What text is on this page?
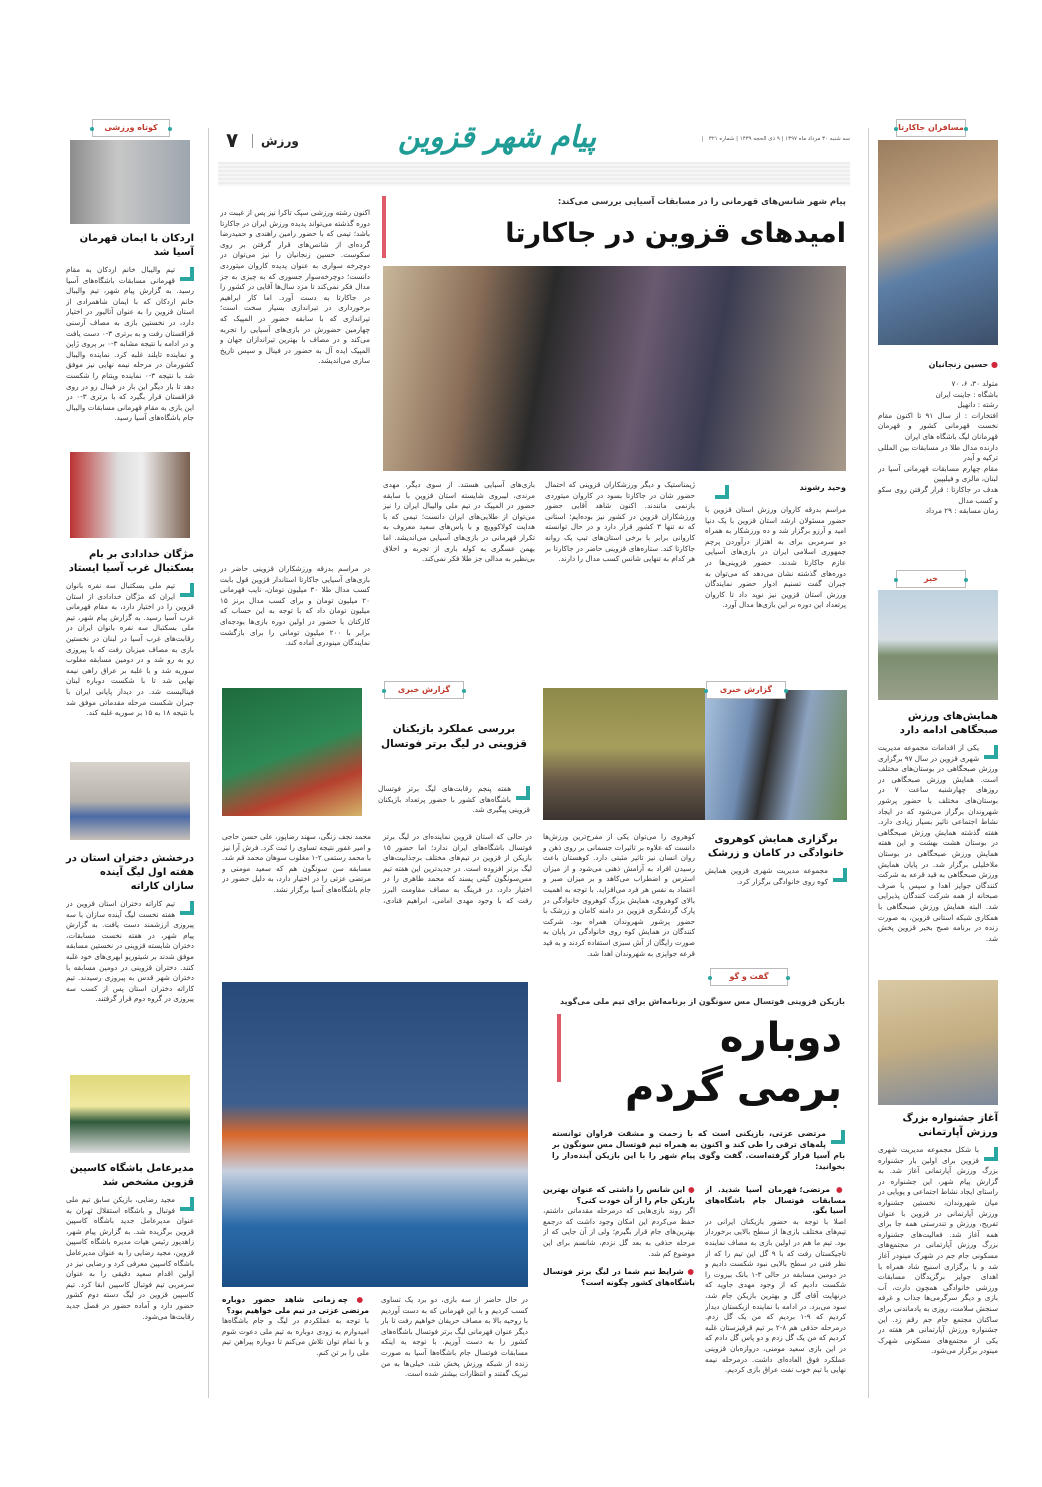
سه شنبه ۳۰ مرداد ماه ۱۳۹۷ | ۹ ذی الحجه ۱۴۳۹ | شماره ۳۲۱
پیام شهر قزوین
ورزش
۷
مسافران جاکارتا
● حسین زنجانیان
متولد ۳۰، ۶، ۷۰
باشگاه : جاینت ایران
رشته : دانهیل
افتخارات : از سال ۹۱ تا اکنون مقام نخست قهرمانی کشور و قهرمان قهرمانان لیگ باشگاه های ایران
دارنده مدال طلا در مسابقات بین المللی ترکیه و آیدر
مقام چهارم مسابقات قهرمانی آسیا در لبنان، مالزی و فیلیپین
هدف در جاکارتا : قرار گرفتن روی سکو و کسب مدال
زمان مسابقه : ۲۹ مرداد
خبر
همایش‌های ورزش صبحگاهی ادامه دارد
یکی از اقدامات مجموعه مدیریت شهری قزوین در سال ۹۷ برگزاری ورزش صبحگاهی در بوستان‌های مختلف است. همایش ورزش صبحگاهی در روزهای چهارشنبه ساعت ۷ در بوستان‌های مختلف با حضور پرشور شهروندان برگزار می‌شود که در ایجاد نشاط اجتماعی تاثیر بسیار زیادی دارد. هفته گذشته همایش ورزش صبحگاهی در بوستان هشت بهشت و این هفته همایش ورزش صبحگاهی در بوستان ملاخلیلی برگزار شد. در پایان همایش ورزش صبحگاهی به قید قرعه به شرکت کنندگان جوایز اهدا و سپس با صرف صبحانه از همه شرکت کنندگان پذیرایی شد. البته همایش ورزش صبحگاهی با همکاری شبکه استانی قزوین، به صورت زنده در برنامه صبح بخیر قزوین پخش شد.
آغاز جشنواره بزرگ ورزش آپارتمانی
با شکل مجموعه مدیریت شهری قزوین برای اولین بار جشنواره بزرگ ورزش آپارتمانی آغاز شد. به گزارش پیام شهر، این جشنواره در راستای ایجاد نشاط اجتماعی و پویایی در میان شهروندان، نخستین جشنواره ورزش آپارتمانی در قزوین با عنوان تفریح، ورزش و تندرستی همه جا برای همه آغاز شد. فعالیت‌های جشنواره بزرگ ورزش آپارتمانی در مجتمع‌های مسکونی جام جم در شهرک مینودر آغاز شد و با برگزاری اسنیج شاد همراه با اهدای جوایز برگزیدگان مسابقات ورزشی خانوادگی همچون دارت، آب بازی و دیگر سرگرمی‌ها جذاب و غرفه سنجش سلامت، روزی به یادماندنی برای ساکنان مجتمع جام جم رقم زد. این جشنواره ورزش آپارتمانی هر هفته در یکی از مجتمع‌های مسکونی شهرک مینودر برگزار می‌شود.
کوتاه ورزشی
اردکان با ایمان قهرمان آسیا شد
تیم والیبال خانم اردکان به مقام قهرمانی مسابقات باشگاه‌های آسیا رسید. به گزارش پیام شهر، تیم والیبال خانم اردکان که با ایمان شاهمرادی از استان قزوین را به عنوان آتالیور در اختیار دارد، در نخستین بازی به مصاف آرسنی قزاقستان رفت و به برتری ۳-۰ دست یافت و در ادامه با نتیجه مشابه ۳-۰ بر پروی ژاپن و نماینده تایلند غلبه کرد. نماینده والیبال کشورمان در مرحله نیمه نهایی نیز موفق شد با نتیجه ۳-۰ نماینده ویتنام را شکست دهد تا بار دیگر این بار در فینال رو در روی قزاقستان قرار بگیرد که با برتری ۳-۰ در این بازی به مقام قهرمانی مسابقات والیبال جام باشگاه‌های آسیا رسید.
مژگان خدادادی بر بام بسکتبال غرب آسیا ایستاد
تیم ملی بسکتبال سه نفره بانوان ایران که مژگان خدادادی از استان قزوین را در اختیار دارد، به مقام قهرمانی غرب آسیا رسید. به گزارش پیام شهر، تیم ملی بسکتبال سه نفره بانوان ایران در رقابت‌های غرب آسیا در لبنان در نخستین بازی به مصاف میزبان رفت که با پیروزی رو به رو شد و در دومین مسابقه مغلوب سوریه شد و با غلبه بر عراق راهی نیمه نهایی شد تا با شکست دوباره لبنان فینالیست شد. در دیدار پایانی ایران با جبران شکست مرحله مقدماتی موفق شد با نتیجه ۱۸ به ۱۵ بر سوریه غلبه کند.
درخشش دختران استان در هفته اول لیگ آینده سازان کاراته
تیم کاراته دختران استان قزوین در هفته نخست لیگ آینده سازان با سه پیروزی ارزشمند دست یافت. به گزارش پیام شهر، در هفته نخست مسابقات، دختران شایسته قزوینی در نخستین مسابقه موفق شدند بر شیتوریو ابهری‌های خود غلبه کنند. دختران قزوینی در دومین مسابقه با دختران شهر قدس به پیروزی رسیدند. تیم کاراته دختران استان پس از کسب سه پیروزی در گروه دوم قرار گرفتند.
مدیرعامل باشگاه کاسپین قزوین مشخص شد
مجید رضایی، بازیکن سابق تیم ملی فوتبال و باشگاه استقلال تهران به عنوان مدیرعامل جدید باشگاه کاسپین قزوین برگزیده شد. به گزارش پیام شهر، زاهدپور رئیس هیات مدیره باشگاه کاسپین قزوین، مجید رضایی را به عنوان مدیرعامل باشگاه کاسپین معرفی کرد و رضایی نیز در اولین اقدام سعید دقیقی را به عنوان سرمربی تیم فوتبال کاسپین ابقا کرد. تیم کاسپین قزوین در لیگ دسته دوم کشور حضور دارد و آماده حضور در فصل جدید رقابت‌ها می‌شود.
پیام شهر شانس‌های قهرمانی را در مسابقات آسیایی بررسی می‌کند:
امیدهای قزوین در جاکارتا
اکنون رشته ورزشی سپک تاکرا نیز پس از غیبت در دوره گذشته می‌تواند پدیده ورزش ایران در جاکارتا باشد؛ تیمی که با حضور رامین راهندی و حمیدرضا گرده‌ای از شانس‌های قرار گرفتن بر روی سکوست. حسین زنجانیان را نیز می‌توان در دوچرخه سواری به عنوان پدیده کاروان میتوردی دانست؛ دوچرخه‌سوار جسوری که به چیزی به جز مدال فکر نمی‌کند تا مزد سال‌ها آقایی در کشور را در جاکارتا به دست آورد. اما کار ابراهیم برخورداری در تیراندازی بسیار سخت است؛ تیراندازی که با سابقه حضور در المپیک که چهارمین حضورش در بازی‌های آسیایی را تجربه می‌کند و در مصاف با بهترین تیراندازان جهان و المپیک ایده‌ آل به حضور در فینال و سپس تاریخ سازی می‌اندیشد.
وحید رشوند
مراسم بدرقه کاروان ورزش استان قزوین با حضور مسئولان ارشد استان قزوین با یک دنیا امید و آرزو برگزار شد و ده ورزشکار به همراه دو سرمربی برای به اهتزاز درآوردن پرچم جمهوری اسلامی ایران در بازی‌های آسیایی عازم جاکارتا شدند. حضور قزوینی‌ها در دوره‌های گذشته نشان می‌دهد که می‌توان به جبران گفت تسنیم ادوار حضور نمایندگان ورزش استان قزوین نیز نوید داد تا کاروان پرتعداد این دوره بر این بازی‌ها مدال آورد.
ژیمناستیک و دیگر ورزشکاران قزوینی که احتمال حضور شان در جاکارتا بسود در کاروان میتوردی بازنمی مانندند. اکنون شاهد آقایی حضور ورزشکاران قزوین در کشور نیز بوده‌ایم؛ استانی که نه تنها ۳ کشور قرار دارد و در حال توانسته کاروانی برابر با برخی استان‌های تیپ یک روانه جاکارتا کند. ستاره‌های قزوینی حاضر در جاکارتا بر هر کدام به تنهایی شانس کسب مدال را دارند.
بازی‌های آسیایی هستند. از سوی دیگر، مهدی مرندی، لیبروی شایسته استان قزوین با سابقه حضور در المپیک در تیم ملی والیبال ایران را نیز می‌توان از طلایی‌های ایران دانست؛ تیمی که با هدایت کولاکوویچ و با پاس‌های سعید معروف به تکرار قهرمانی در بازی‌های آسیایی می‌اندیشد. اما بهمن عسگری به کوله باری از تجربه و اخلاق بی‌نظیر به مدالی جز طلا فکر نمی‌کند.
در مراسم بدرقه ورزشکاران قزوینی حاضر در بازی‌های آسیایی جاکارتا استاندار قزوین قول بابت کسب مدال طلا ۳۰ میلیون تومان، نایب قهرمانی ۲۰ میلیون تومان و برای کسب مدال برنز ۱۵ میلیون تومان داد که با توجه به این حساب که کارکنان با حضور در اولین دوره بازی‌ها بودجه‌ای برابر با ۲۰۰ میلیون تومانی را برای بازگشت نمایندگان مینودری آماده کند.
گزارش خبری
بررسی عملکرد بازیکنان قزوینی در لیگ برتر فوتسال
هفته پنجم رقابت‌های لیگ برتر فوتسال باشگاه‌های کشور با حضور پرتعداد بازیکنان قزوینی پیگیری شد.
در حالی که استان قزوین نماینده‌ای در لیگ برتر فوتسال باشگاه‌های ایران ندارد؛ اما حضور ۱۵ بازیکن از قزوین در تیم‌های مختلف برجذابیت‌های لیگ برتر افزوده است. در جدیدترین این هفته تیم مس‌سونگون گیتی پسند که محمد طاهری را در اختیار دارد، در فرینگ به مصاف مقاومت البرز رفت که با وجود مهدی امامی، ابراهیم قنادی، محمد نجف زنگی، سهند رضاپور، علی حسن حاجی و امیر غفور نتیجه تساوی را ثبت کرد. فرش آرا نیز با محمد رستمی ۲-۱ مغلوب سوهان محمد قم شد. مسابقه سن سونگون هم که سعید مومنی و مرتضی عزتی را در اختیار دارد، به دلیل حضور در جام باشگاه‌های آسیا برگزار نشد.
گزارش خبری
برگزاری همایش کوهروی خانوادگی در کامان و زرشک
مجموعه مدیریت شهری قزوین همایش کوه روی خانوادگی برگزار کرد.
کوهروی را می‌توان یکی از مفرح‌ترین ورزش‌ها دانست که علاوه بر تاثیرات جسمانی بر روی ذهن و روان انسان نیز تاثیر مثبتی دارد. کوهستان باعث رسیدن افراد به آرامش ذهنی می‌شود و از میزان استرس و اضطراب می‌کاهد و بر میزان صبر و اعتماد به نفس هر فرد می‌افزاید. با توجه به اهمیت بالای کوهروی، همایش بزرگ کوهروی خانوادگی در پارک گردشگری قزوین در دامنه کامان و زرشک با حضور پرشور شهروندان همراه بود. شرکت کنندگان در همایش کوه روی خانوادگی در پایان به صورت رایگان از آش سبزی استفاده کردند و به قید قرعه جوایزی به شهروندان اهدا شد.
گفت و گو
بازیکن قزوینی فوتسال مس سونگون از برنامه‌اش برای تیم ملی می‌گوید
دوباره
برمی گردم
مرتضی عزتی، بازیکنی است که با زحمت و مشقت فراوان توانسته پله‌های ترقی را طی کند و اکنون به همراه تیم فوتسال مس سونگون بر بام آسیا قرار گرفته‌است. گفت وگوی پیام شهر را با این بازیکن آینده‌دار را بخوانید:
● مرتضی؛ قهرمان آسیا شدید. از مسابقات فوتسال جام باشگاه‌های آسیا بگو.
اصلا با توجه به حضور بازیکنان ایرانی در تیم‌های مختلف بازی‌ها از سطح بالایی برخوردار بود. تیم ما هم در اولین بازی به مصاف نماینده تاجیکستان رفت که با ۹ گل این تیم را که از نظر فنی در سطح بالایی نبود شکست دادیم و در دومین مسابقه در حالی ۳-۱ بانک بیروت را شکست دادیم که از وجود مهدی جاوید که درنهایت آقای گل و بهترین بازیکن جام شد، سود می‌برد. در ادامه با نماینده ازبکستان دیدار کردیم که ۹-۱ بردیم که من یک گل زدم. درمرحله حذفی هم ۸-۲ بر تیم قرقیزستان غلبه کردیم که من یک گل زدم و دو پاس گل دادم که در این بازی سعید مومنی، دروازه‌بان قزوینی عملکرد فوق العاده‌ای داشت. درمرحله نیمه نهایی با تیم خوب نفت عراق بازی کردیم.
● این شانس را داشتی که عنوان بهترین بازیکن جام را از آن خودت کنی؟
اگر روند بازی‌هایی که درمرحله مقدماتی داشتم، حفظ می‌کردم این امکان وجود داشت که درجمع بهترین‌های جام قرار بگیرم؛ ولی از آن جایی که از مرحله حذفی به بعد گل نزدم، شانسم برای این موضوع کم شد.
● شرایط تیم شما در لیگ برتر فوتسال باشگاه‌های کشور چگونه است؟
در حال حاضر از سه بازی، دو برد یک تساوی کسب کردیم و با این قهرمانی که به دست آوردیم با روحیه بالا به مصاف حریفان خواهیم رفت تا بار دیگر عنوان قهرمانی لیگ برتر فوتسال باشگاه‌های کشور را به دست آوریم. با توجه به اینکه مسابقات فوتسال جام باشگاه‌ها آسیا به صورت زنده از شبکه ورزش پخش شد، خیلی‌ها به من تبریک گفتند و انتظارات بیشتر شده است.
● چه زمانی شاهد حضور دوباره مرتضی عزتی در تیم ملی خواهیم بود؟
با توجه به عملکردم در لیگ و جام باشگاه‌ها امیدوارم به زودی دوباره به تیم ملی دعوت شوم و با تمام توان تلاش می‌کنم تا دوباره پیراهن تیم ملی را بر تن کنم.
